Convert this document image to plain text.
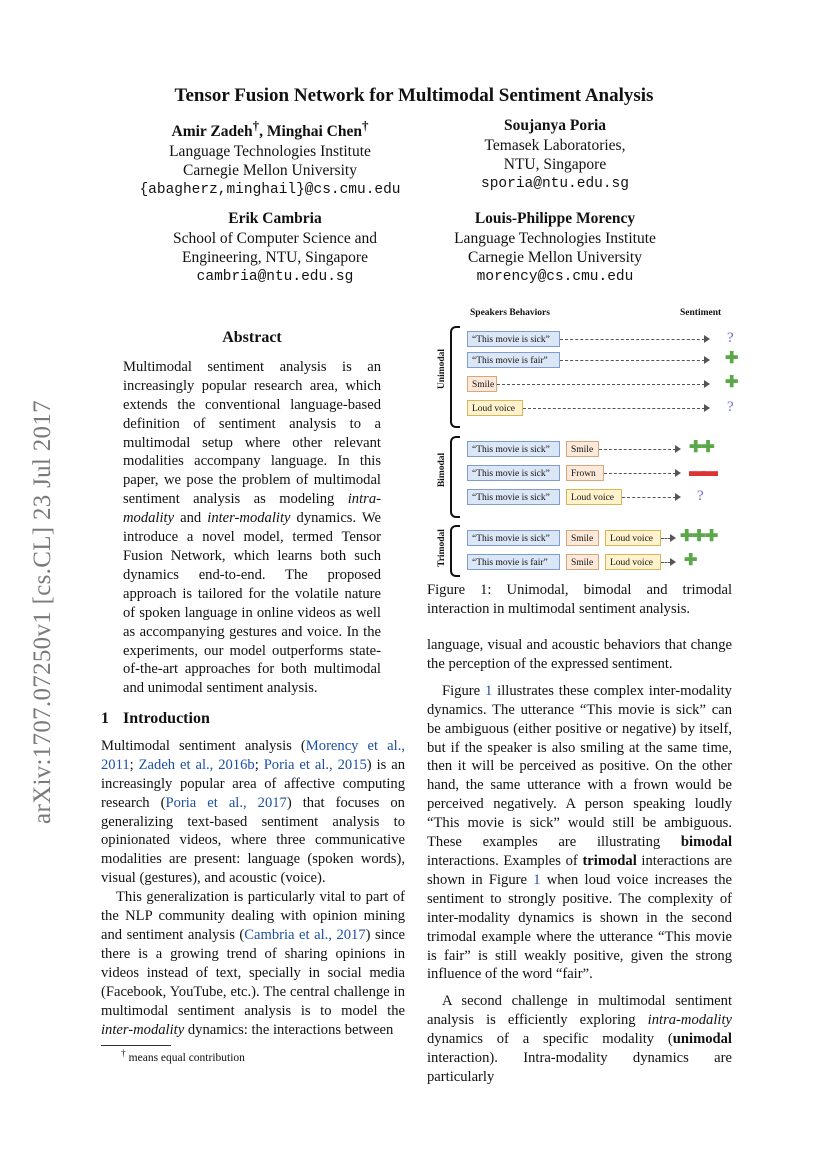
Tensor Fusion Network for Multimodal Sentiment Analysis
Amir Zadeh†, Minghai Chen†
Language Technologies Institute
Carnegie Mellon University
{abagherz,minghail}@cs.cmu.edu
Soujanya Poria
Temasek Laboratories,
NTU, Singapore
sporia@ntu.edu.sg
Erik Cambria
School of Computer Science and
Engineering, NTU, Singapore
cambria@ntu.edu.sg
Louis-Philippe Morency
Language Technologies Institute
Carnegie Mellon University
morency@cs.cmu.edu
arXiv:1707.07250v1 [cs.CL] 23 Jul 2017
Abstract

Multimodal sentiment analysis is an increasingly popular research area, which extends the conventional language-based definition of sentiment analysis to a multimodal setup where other relevant modalities accompany language. In this paper, we pose the problem of multimodal sentiment analysis as modeling intra-modality and inter-modality dynamics. We introduce a novel model, termed Tensor Fusion Network, which learns both such dynamics end-to-end. The proposed approach is tailored for the volatile nature of spoken language in online videos as well as accompanying gestures and voice. In the experiments, our model outperforms state-of-the-art approaches for both multimodal and unimodal sentiment analysis.

1 Introduction

Multimodal sentiment analysis (Morency et al., 2011; Zadeh et al., 2016b; Poria et al., 2015) is an increasingly popular area of affective computing research (Poria et al., 2017) that focuses on generalizing text-based sentiment analysis to opinionated videos, where three communicative modalities are present: language (spoken words), visual (gestures), and acoustic (voice).

This generalization is particularly vital to part of the NLP community dealing with opinion mining and sentiment analysis (Cambria et al., 2017) since there is a growing trend of sharing opinions in videos instead of text, specially in social media (Facebook, YouTube, etc.). The central challenge in multimodal sentiment analysis is to model the inter-modality dynamics: the interactions between

† means equal contribution
Speakers Behaviors	Sentiment
Unimodal
“This movie is sick”	?
“This movie is fair”	✚
Smile	✚
Loud voice	?
Bimodal
“This movie is sick”	Smile	✚✚
“This movie is sick”	Frown	▬▬
“This movie is sick”	Loud voice	?
Trimodal	“This movie is sick”	Smile	Loud voice	✚✚✚
“This movie is fair”	Smile	Loud voice	✚
Figure 1: Unimodal, bimodal and trimodal interaction in multimodal sentiment analysis.

language, visual and acoustic behaviors that change the perception of the expressed sentiment.

Figure 1 illustrates these complex inter-modality dynamics. The utterance “This movie is sick” can be ambiguous (either positive or negative) by itself, but if the speaker is also smiling at the same time, then it will be perceived as positive. On the other hand, the same utterance with a frown would be perceived negatively. A person speaking loudly “This movie is sick” would still be ambiguous. These examples are illustrating bimodal interactions. Examples of trimodal interactions are shown in Figure 1 when loud voice increases the sentiment to strongly positive. The complexity of inter-modality dynamics is shown in the second trimodal example where the utterance “This movie is fair” is still weakly positive, given the strong influence of the word “fair”.

A second challenge in multimodal sentiment analysis is efficiently exploring intra-modality dynamics of a specific modality (unimodal interaction). Intra-modality dynamics are particularly
